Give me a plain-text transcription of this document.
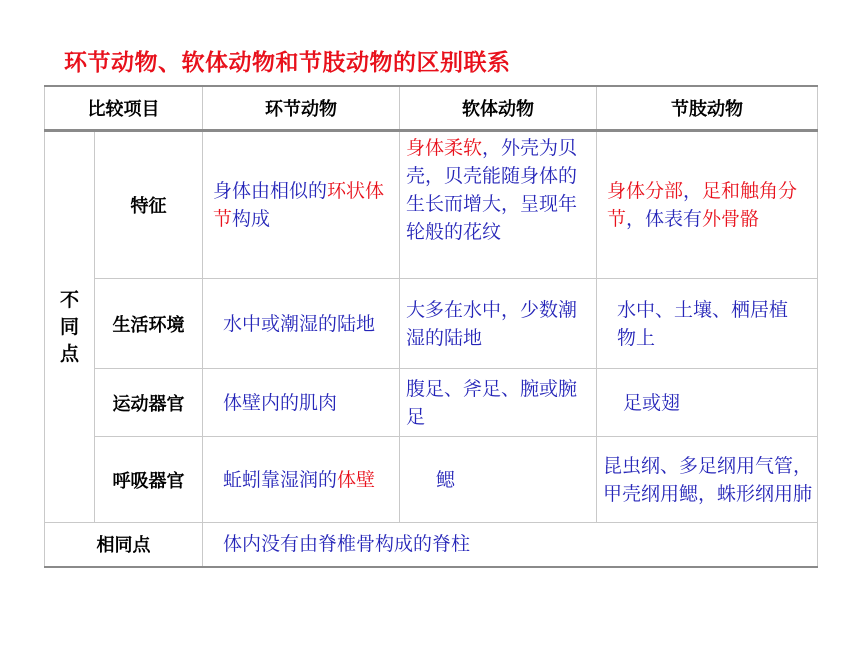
环节动物、软体动物和节肢动物的区别联系
比较项目		环节动物	软体动物	节肢动物
不
同
点	特征	身体由相似的环状体节构成	身体柔软，外壳为贝壳，贝壳能随身体的生长而增大，呈现年轮般的花纹	身体分部，足和触角分节，体表有外骨骼
	生活环境	水中或潮湿的陆地	大多在水中，少数潮湿的陆地	水中、土壤、栖居植物上
	运动器官	体壁内的肌肉	腹足、斧足、腕或腕足	足或翅
	呼吸器官	蚯蚓靠湿润的体壁	鳃	昆虫纲、多足纲用气管，甲壳纲用鳃，蛛形纲用肺
相同点		体内没有由脊椎骨构成的脊柱		
